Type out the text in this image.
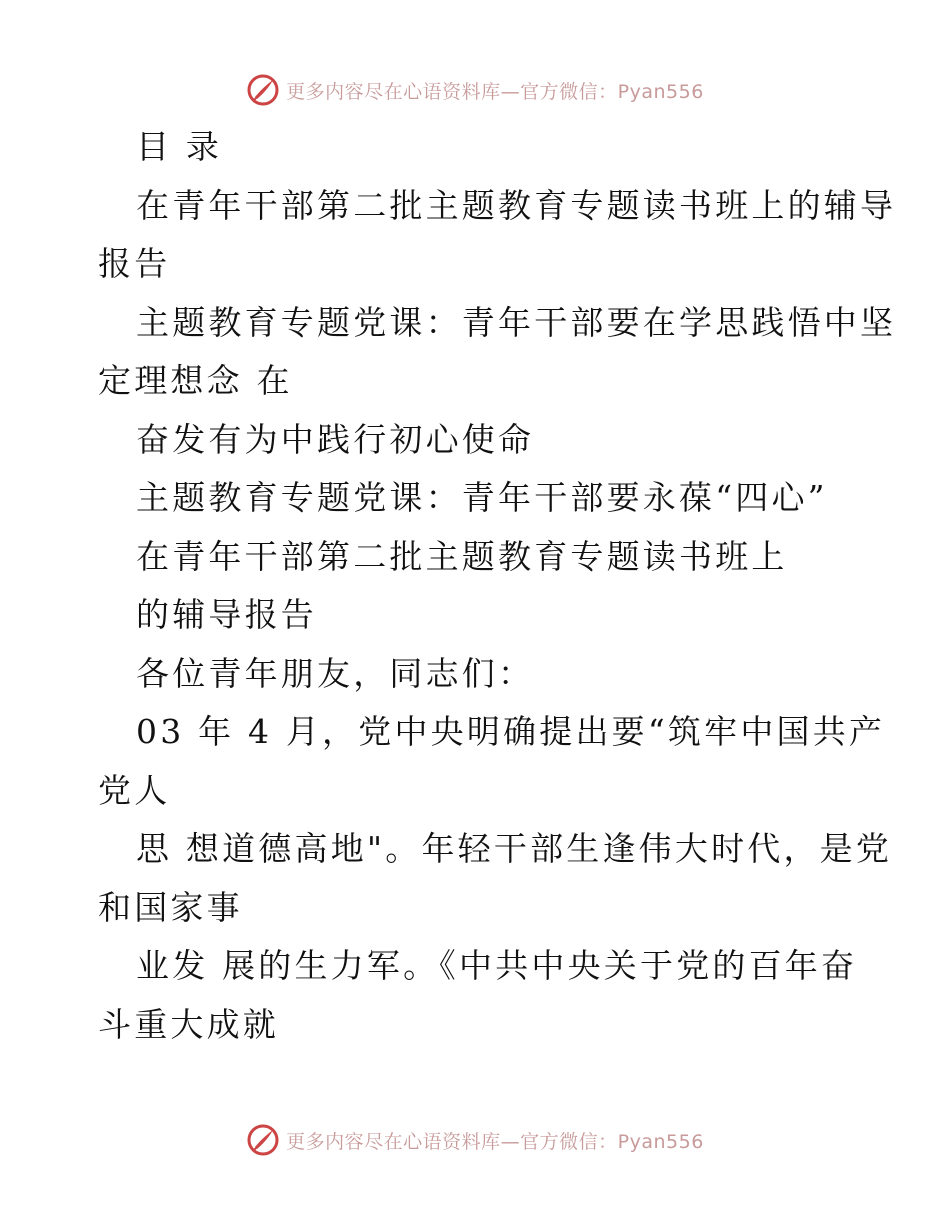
更多内容尽在心语资料库—官方微信：Pyan556
目 录
在青年干部第二批主题教育专题读书班上的辅导
报告
主题教育专题党课：青年干部要在学思践悟中坚
定理想念 在
奋发有为中践行初心使命
主题教育专题党课：青年干部要永葆“四心”
在青年干部第二批主题教育专题读书班上
的辅导报告
各位青年朋友，同志们：
03 年 4 月，党中央明确提出要“筑牢中国共产
党人
思 想道德高地"。年轻干部生逢伟大时代，是党
和国家事
业发 展的生力军。《中共中央关于党的百年奋
斗重大成就
更多内容尽在心语资料库—官方微信：Pyan556
